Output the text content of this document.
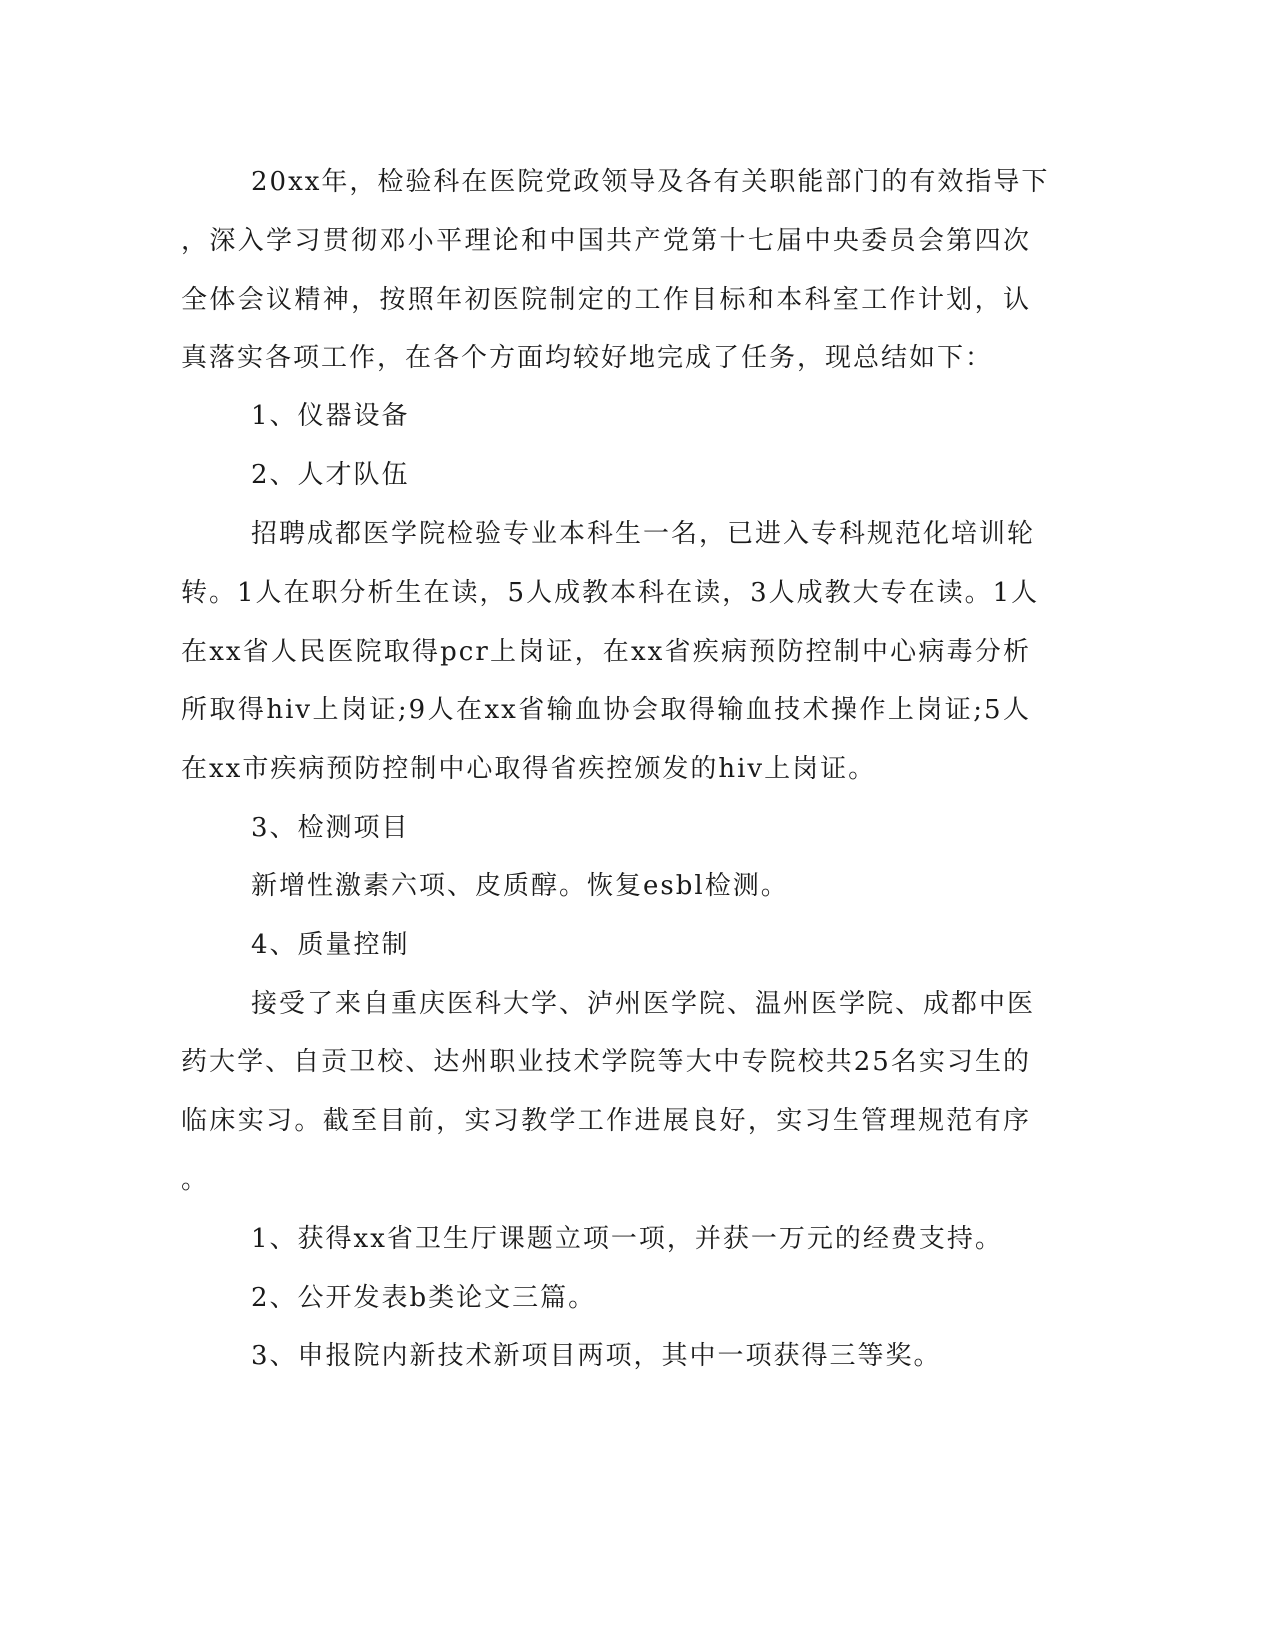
20xx年，检验科在医院党政领导及各有关职能部门的有效指导下
，深入学习贯彻邓小平理论和中国共产党第十七届中央委员会第四次
全体会议精神，按照年初医院制定的工作目标和本科室工作计划，认
真落实各项工作，在各个方面均较好地完成了任务，现总结如下：
1、仪器设备
2、人才队伍
招聘成都医学院检验专业本科生一名，已进入专科规范化培训轮
转。1人在职分析生在读，5人成教本科在读，3人成教大专在读。1人
在xx省人民医院取得pcr上岗证，在xx省疾病预防控制中心病毒分析
所取得hiv上岗证;9人在xx省输血协会取得输血技术操作上岗证;5人
在xx市疾病预防控制中心取得省疾控颁发的hiv上岗证。
3、检测项目
新增性激素六项、皮质醇。恢复esbl检测。
4、质量控制
接受了来自重庆医科大学、泸州医学院、温州医学院、成都中医
药大学、自贡卫校、达州职业技术学院等大中专院校共25名实习生的
临床实习。截至目前，实习教学工作进展良好，实习生管理规范有序
。
1、获得xx省卫生厅课题立项一项，并获一万元的经费支持。
2、公开发表b类论文三篇。
3、申报院内新技术新项目两项，其中一项获得三等奖。
